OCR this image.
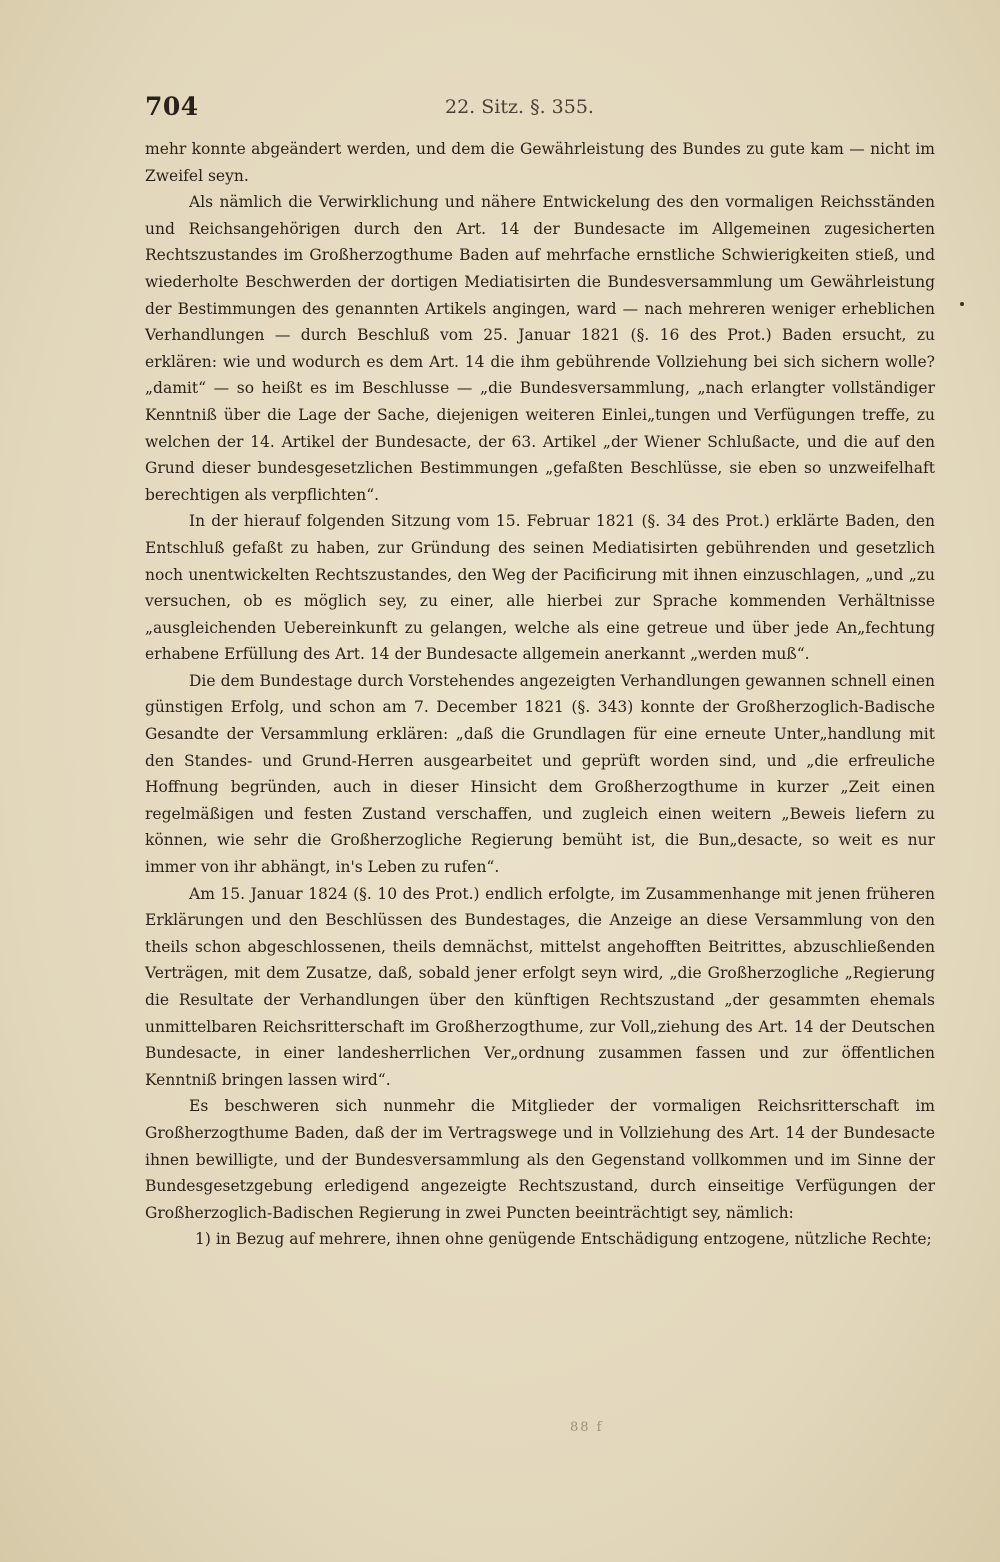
704	22. Sitz. §. 355.

mehr konnte abgeändert werden, und dem die Gewährleistung des Bundes zu gute kam — nicht im Zweifel seyn.

Als nämlich die Verwirklichung und nähere Entwickelung des den vormaligen Reichsständen und Reichsangehörigen durch den Art. 14 der Bundesacte im Allgemeinen zugesicherten Rechtszustandes im Großherzogthume Baden auf mehrfache ernstliche Schwierigkeiten stieß, und wiederholte Beschwerden der dortigen Mediatisirten die Bundesversammlung um Gewährleistung der Bestimmungen des genannten Artikels angingen, ward — nach mehreren weniger erheblichen Verhandlungen — durch Beschluß vom 25. Januar 1821 (§. 16 des Prot.) Baden ersucht, zu erklären: wie und wodurch es dem Art. 14 die ihm gebührende Vollziehung bei sich sichern wolle? „damit“ — so heißt es im Beschlusse — „die Bundesversammlung, „nach erlangter vollständiger Kenntniß über die Lage der Sache, diejenigen weiteren Einlei„tungen und Verfügungen treffe, zu welchen der 14. Artikel der Bundesacte, der 63. Artikel „der Wiener Schlußacte, und die auf den Grund dieser bundesgesetzlichen Bestimmungen „gefaßten Beschlüsse, sie eben so unzweifelhaft berechtigen als verpflichten“.

In der hierauf folgenden Sitzung vom 15. Februar 1821 (§. 34 des Prot.) erklärte Baden, den Entschluß gefaßt zu haben, zur Gründung des seinen Mediatisirten gebührenden und gesetzlich noch unentwickelten Rechtszustandes, den Weg der Pacificirung mit ihnen einzuschlagen, „und „zu versuchen, ob es möglich sey, zu einer, alle hierbei zur Sprache kommenden Verhältnisse „ausgleichenden Uebereinkunft zu gelangen, welche als eine getreue und über jede An„fechtung erhabene Erfüllung des Art. 14 der Bundesacte allgemein anerkannt „werden muß“.

Die dem Bundestage durch Vorstehendes angezeigten Verhandlungen gewannen schnell einen günstigen Erfolg, und schon am 7. December 1821 (§. 343) konnte der Großherzoglich-Badische Gesandte der Versammlung erklären: „daß die Grundlagen für eine erneute Unter„handlung mit den Standes- und Grund-Herren ausgearbeitet und geprüft worden sind, und „die erfreuliche Hoffnung begründen, auch in dieser Hinsicht dem Großherzogthume in kurzer „Zeit einen regelmäßigen und festen Zustand verschaffen, und zugleich einen weitern „Beweis liefern zu können, wie sehr die Großherzogliche Regierung bemüht ist, die Bun„desacte, so weit es nur immer von ihr abhängt, in's Leben zu rufen“.

Am 15. Januar 1824 (§. 10 des Prot.) endlich erfolgte, im Zusammenhange mit jenen früheren Erklärungen und den Beschlüssen des Bundestages, die Anzeige an diese Versammlung von den theils schon abgeschlossenen, theils demnächst, mittelst angehofften Beitrittes, abzuschließenden Verträgen, mit dem Zusatze, daß, sobald jener erfolgt seyn wird, „die Großherzogliche „Regierung die Resultate der Verhandlungen über den künftigen Rechtszustand „der gesammten ehemals unmittelbaren Reichsritterschaft im Großherzogthume, zur Voll„ziehung des Art. 14 der Deutschen Bundesacte, in einer landesherrlichen Ver„ordnung zusammen fassen und zur öffentlichen Kenntniß bringen lassen wird“.

Es beschweren sich nunmehr die Mitglieder der vormaligen Reichsritterschaft im Großherzogthume Baden, daß der im Vertragswege und in Vollziehung des Art. 14 der Bundesacte ihnen bewilligte, und der Bundesversammlung als den Gegenstand vollkommen und im Sinne der Bundesgesetzgebung erledigend angezeigte Rechtszustand, durch einseitige Verfügungen der Großherzoglich-Badischen Regierung in zwei Puncten beeinträchtigt sey, nämlich:

1) in Bezug auf mehrere, ihnen ohne genügende Entschädigung entzogene, nützliche Rechte;

88 f
